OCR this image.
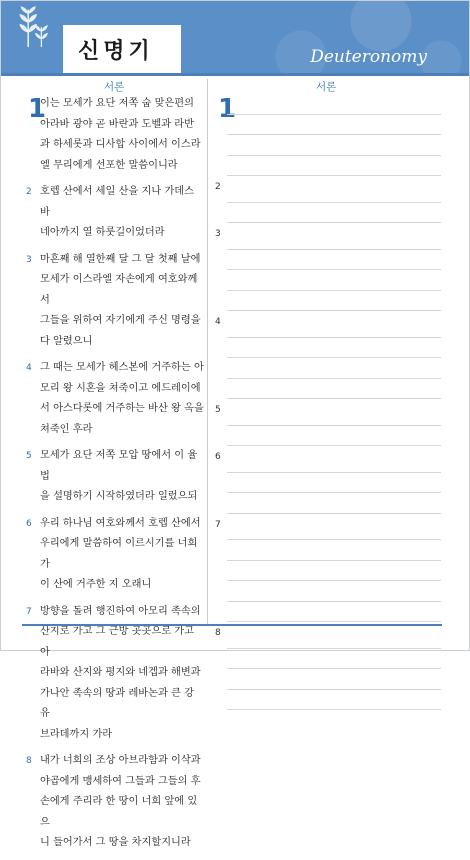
Deuteronomy
신명기
서론	서론
1
이는 모세가 요단 저쪽 숩 맞은편의
아라바 광야 곧 바란과 도벨과 라반
과 하세롯과 디사합 사이에서 이스라
엘 무리에게 선포한 말씀이니라
2 호렙 산에서 세일 산을 지나 가데스 바
네아까지 열 하룻길이었더라
3 마흔째 해 열한째 달 그 달 첫째 날에
모세가 이스라엘 자손에게 여호와께서
그들을 위하여 자기에게 주신 명령을
다 알렸으니
4 그 때는 모세가 헤스본에 거주하는 아
모리 왕 시혼을 쳐죽이고 에드레이에
서 아스다롯에 거주하는 바산 왕 옥을
쳐죽인 후라
5 모세가 요단 저쪽 모압 땅에서 이 율법
을 설명하기 시작하였더라 일렀으되
6 우리 하나님 여호와께서 호렙 산에서
우리에게 말씀하여 이르시기를 너희가
이 산에 거주한 지 오래니
7 방향을 돌려 행진하여 아모리 족속의
산지로 가고 그 근방 곳곳으로 가고 아
라바와 산지와 평지와 네겝과 해변과
가나안 족속의 땅과 레바논과 큰 강 유
브라데까지 가라
8 내가 너희의 조상 아브라함과 이삭과
야곱에게 맹세하여 그들과 그들의 후
손에게 주리라 한 땅이 너희 앞에 있으
니 들어가서 그 땅을 차지할지니라
1
2
3
4
5
6
7
8
